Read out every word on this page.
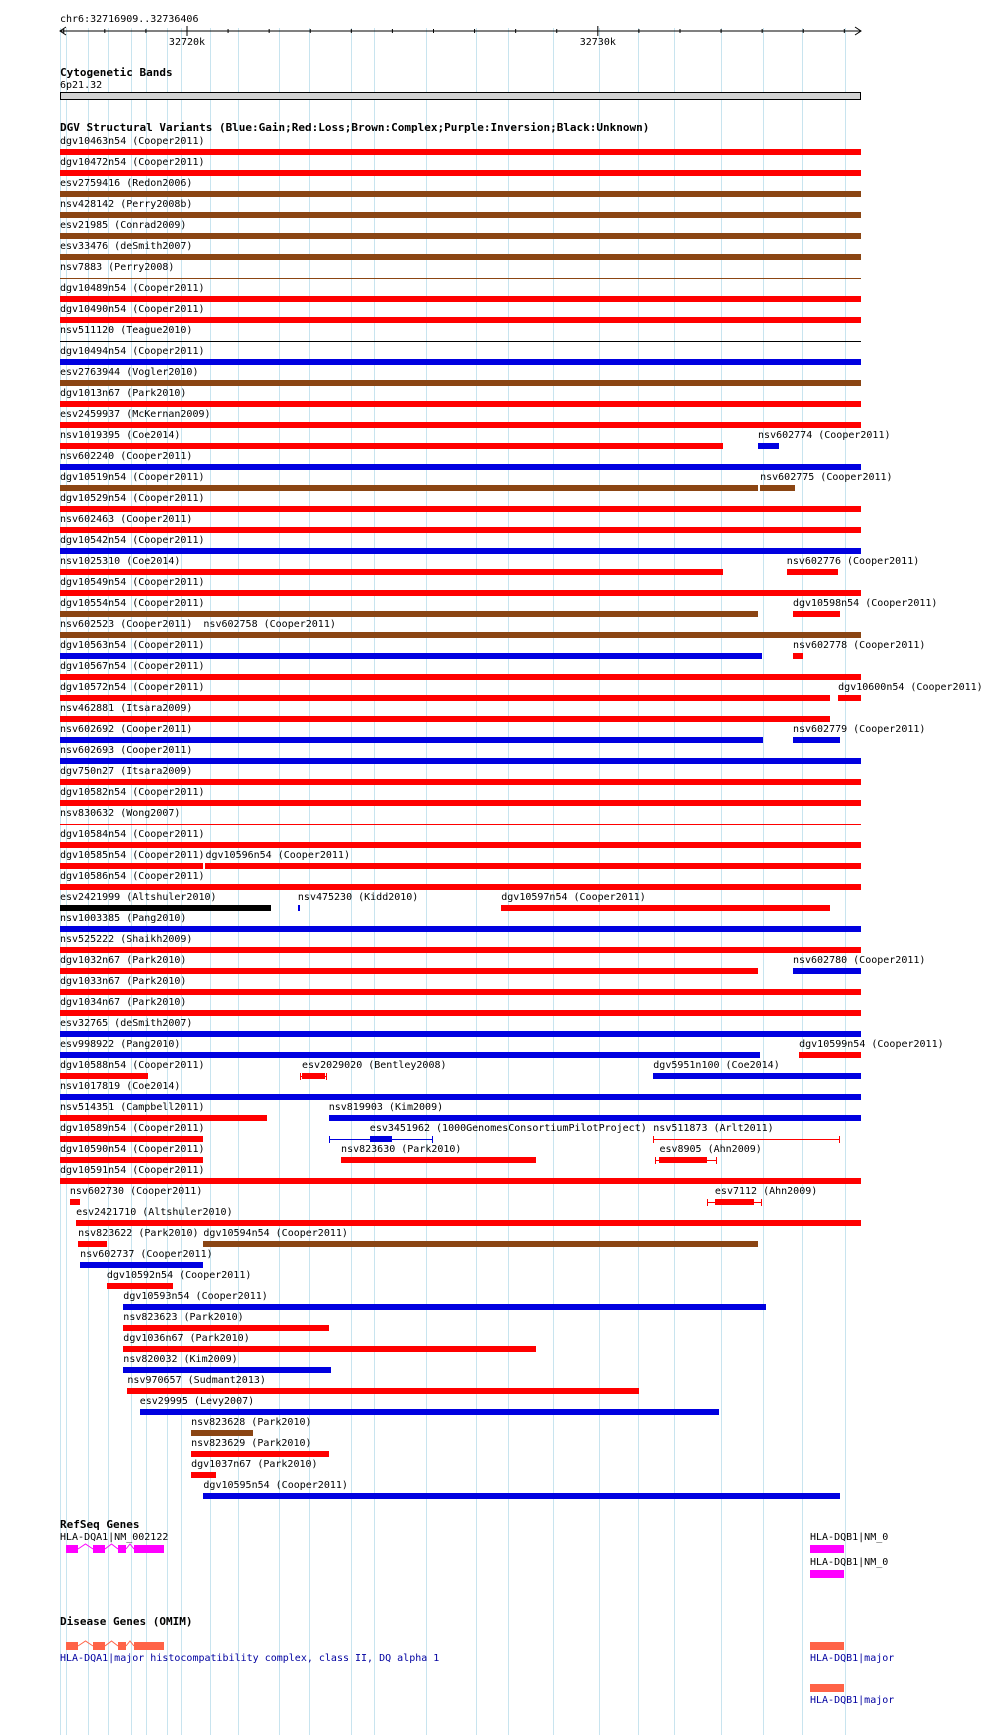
chr6:32716909..32736406
32720k	32730k
Cytogenetic Bands
6p21.32
DGV Structural Variants (Blue:Gain;Red:Loss;Brown:Complex;Purple:Inversion;Black:Unknown)
dgv10463n54 (Cooper2011)
dgv10472n54 (Cooper2011)
esv2759416 (Redon2006)
nsv428142 (Perry2008b)
esv21985 (Conrad2009)
esv33476 (deSmith2007)
nsv7883 (Perry2008)
dgv10489n54 (Cooper2011)
dgv10490n54 (Cooper2011)
nsv511120 (Teague2010)
dgv10494n54 (Cooper2011)
esv2763944 (Vogler2010)
dgv1013n67 (Park2010)
esv2459937 (McKernan2009)
nsv1019395 (Coe2014)	nsv602774 (Cooper2011)
nsv602240 (Cooper2011)
dgv10519n54 (Cooper2011)	nsv602775 (Cooper2011)
dgv10529n54 (Cooper2011)
nsv602463 (Cooper2011)
dgv10542n54 (Cooper2011)
nsv1025310 (Coe2014)	nsv602776 (Cooper2011)
dgv10549n54 (Cooper2011)
dgv10554n54 (Cooper2011)	dgv10598n54 (Cooper2011)
nsv602523 (Cooper2011) nsv602758 (Cooper2011)
dgv10563n54 (Cooper2011)	nsv602778 (Cooper2011)
dgv10567n54 (Cooper2011)
dgv10572n54 (Cooper2011)	dgv10600n54 (Cooper2011)
nsv462881 (Itsara2009)
nsv602692 (Cooper2011)	nsv602779 (Cooper2011)
nsv602693 (Cooper2011)
dgv750n27 (Itsara2009)
dgv10582n54 (Cooper2011)
nsv830632 (Wong2007)
dgv10584n54 (Cooper2011)
dgv10585n54 (Cooper2011) dgv10596n54 (Cooper2011)
dgv10586n54 (Cooper2011)
esv2421999 (Altshuler2010)	nsv475230 (Kidd2010)	dgv10597n54 (Cooper2011)
nsv1003385 (Pang2010)
nsv525222 (Shaikh2009)
dgv1032n67 (Park2010)	nsv602780 (Cooper2011)
dgv1033n67 (Park2010)
dgv1034n67 (Park2010)
esv32765 (deSmith2007)
esv998922 (Pang2010)	dgv10599n54 (Cooper2011)
dgv10588n54 (Cooper2011)	esv2029020 (Bentley2008)	dgv5951n100 (Coe2014)
nsv1017819 (Coe2014)
nsv514351 (Campbell2011)	nsv819903 (Kim2009)
dgv10589n54 (Cooper2011)	esv3451962 (1000GenomesConsortiumPilotProject) nsv511873 (Arlt2011)
dgv10590n54 (Cooper2011)	nsv823630 (Park2010)	esv8905 (Ahn2009)
dgv10591n54 (Cooper2011)
nsv602730 (Cooper2011)	esv7112 (Ahn2009)
esv2421710 (Altshuler2010)
nsv823622 (Park2010) dgv10594n54 (Cooper2011)
nsv602737 (Cooper2011)
dgv10592n54 (Cooper2011)
dgv10593n54 (Cooper2011)
nsv823623 (Park2010)
dgv1036n67 (Park2010)
nsv820032 (Kim2009)
nsv970657 (Sudmant2013)
esv29995 (Levy2007)
nsv823628 (Park2010)
nsv823629 (Park2010)
dgv1037n67 (Park2010)
dgv10595n54 (Cooper2011)
RefSeq Genes
HLA-DQA1|NM_002122	HLA-DQB1|NM_0
HLA-DQB1|NM_0
Disease Genes (OMIM)
HLA-DQA1|major histocompatibility complex, class II, DQ alpha 1	HLA-DQB1|major
HLA-DQB1|major
